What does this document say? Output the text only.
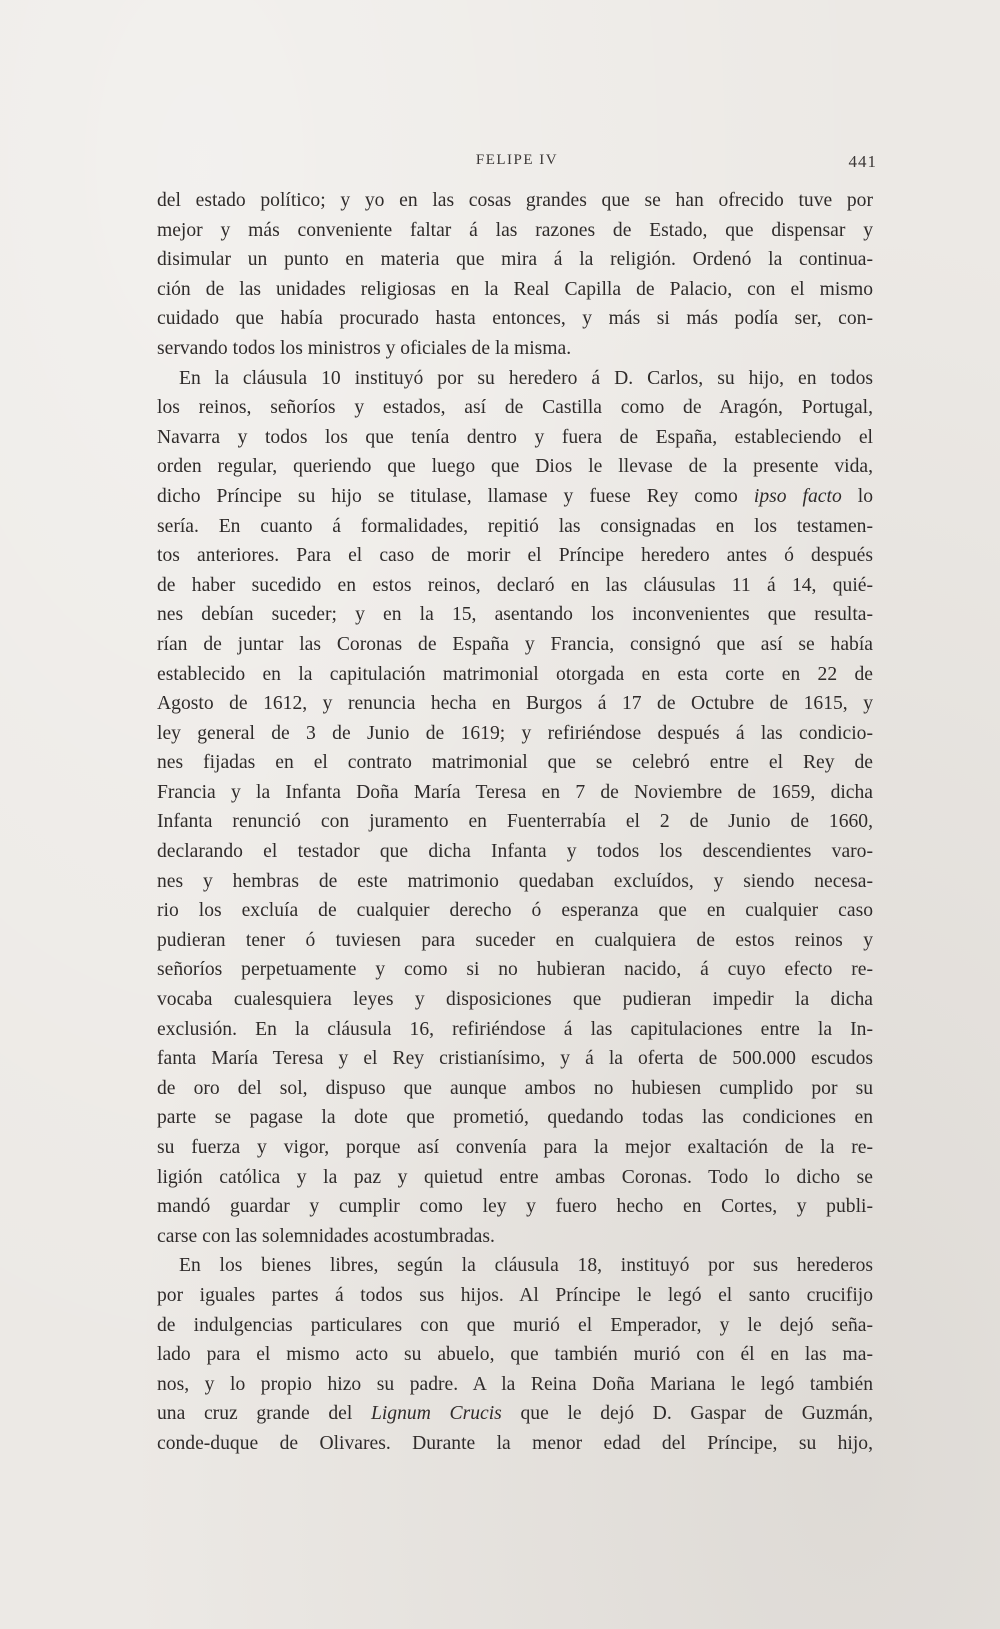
FELIPE IV	441
del estado político; y yo en las cosas grandes que se han ofrecido tuve por
mejor y más conveniente faltar á las razones de Estado, que dispensar y
disimular un punto en materia que mira á la religión. Ordenó la continua-
ción de las unidades religiosas en la Real Capilla de Palacio, con el mismo
cuidado que había procurado hasta entonces, y más si más podía ser, con-
servando todos los ministros y oficiales de la misma.
En la cláusula 10 instituyó por su heredero á D. Carlos, su hijo, en todos
los reinos, señoríos y estados, así de Castilla como de Aragón, Portugal,
Navarra y todos los que tenía dentro y fuera de España, estableciendo el
orden regular, queriendo que luego que Dios le llevase de la presente vida,
dicho Príncipe su hijo se titulase, llamase y fuese Rey como ipso facto lo
sería. En cuanto á formalidades, repitió las consignadas en los testamen-
tos anteriores. Para el caso de morir el Príncipe heredero antes ó después
de haber sucedido en estos reinos, declaró en las cláusulas 11 á 14, quié-
nes debían suceder; y en la 15, asentando los inconvenientes que resulta-
rían de juntar las Coronas de España y Francia, consignó que así se había
establecido en la capitulación matrimonial otorgada en esta corte en 22 de
Agosto de 1612, y renuncia hecha en Burgos á 17 de Octubre de 1615, y
ley general de 3 de Junio de 1619; y refiriéndose después á las condicio-
nes fijadas en el contrato matrimonial que se celebró entre el Rey de
Francia y la Infanta Doña María Teresa en 7 de Noviembre de 1659, dicha
Infanta renunció con juramento en Fuenterrabía el 2 de Junio de 1660,
declarando el testador que dicha Infanta y todos los descendientes varo-
nes y hembras de este matrimonio quedaban excluídos, y siendo necesa-
rio los excluía de cualquier derecho ó esperanza que en cualquier caso
pudieran tener ó tuviesen para suceder en cualquiera de estos reinos y
señoríos perpetuamente y como si no hubieran nacido, á cuyo efecto re-
vocaba cualesquiera leyes y disposiciones que pudieran impedir la dicha
exclusión. En la cláusula 16, refiriéndose á las capitulaciones entre la In-
fanta María Teresa y el Rey cristianísimo, y á la oferta de 500.000 escudos
de oro del sol, dispuso que aunque ambos no hubiesen cumplido por su
parte se pagase la dote que prometió, quedando todas las condiciones en
su fuerza y vigor, porque así convenía para la mejor exaltación de la re-
ligión católica y la paz y quietud entre ambas Coronas. Todo lo dicho se
mandó guardar y cumplir como ley y fuero hecho en Cortes, y publi-
carse con las solemnidades acostumbradas.
En los bienes libres, según la cláusula 18, instituyó por sus herederos
por iguales partes á todos sus hijos. Al Príncipe le legó el santo crucifijo
de indulgencias particulares con que murió el Emperador, y le dejó seña-
lado para el mismo acto su abuelo, que también murió con él en las ma-
nos, y lo propio hizo su padre. A la Reina Doña Mariana le legó también
una cruz grande del Lignum Crucis que le dejó D. Gaspar de Guzmán,
conde-duque de Olivares. Durante la menor edad del Príncipe, su hijo,
